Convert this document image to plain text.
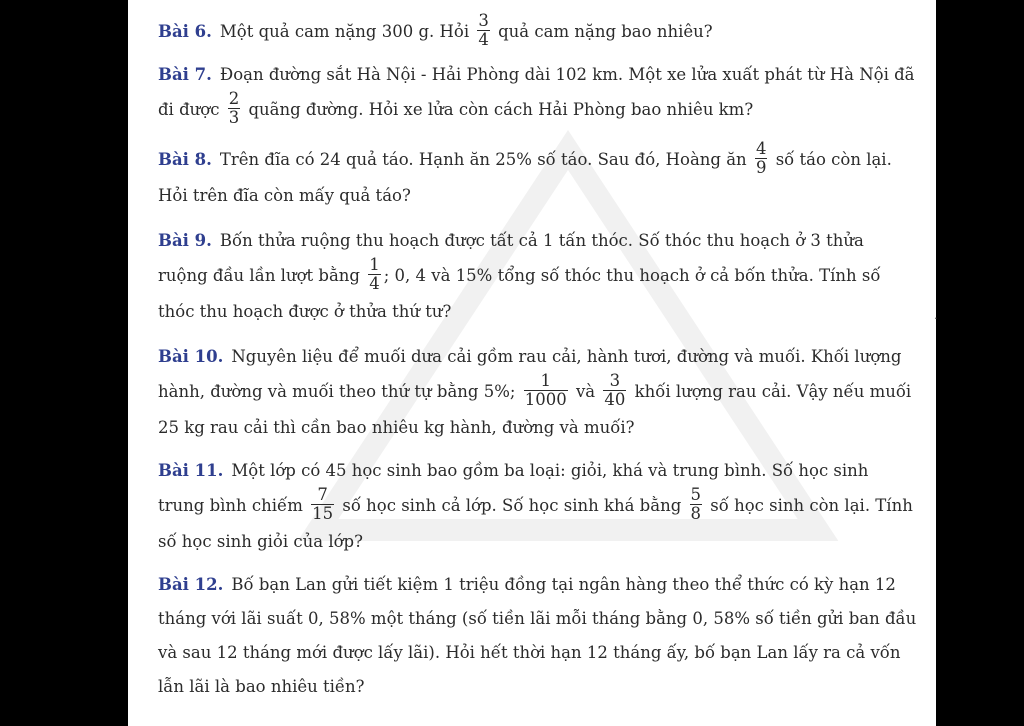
·
Bài 6. Một quả cam nặng 300 g. Hỏi $\frac{3}{4}$ quả cam nặng bao nhiêu?
Bài 7. Đoạn đường sắt Hà Nội - Hải Phòng dài 102 km. Một xe lửa xuất phát từ Hà Nội đã đi được $\frac{2}{3}$ quãng đường. Hỏi xe lửa còn cách Hải Phòng bao nhiêu km?
Bài 8. Trên đĩa có 24 quả táo. Hạnh ăn 25% số táo. Sau đó, Hoàng ăn $\frac{4}{9}$ số táo còn lại. Hỏi trên đĩa còn mấy quả táo?
Bài 9. Bốn thửa ruộng thu hoạch được tất cả 1 tấn thóc. Số thóc thu hoạch ở 3 thửa ruộng đầu lần lượt bằng $\frac{1}{4}$ ; 0, 4 và 15% tổng số thóc thu hoạch ở cả bốn thửa. Tính số thóc thu hoạch được ở thửa thứ tư?
Bài 10. Nguyên liệu để muối dưa cải gồm rau cải, hành tươi, đường và muối. Khối lượng hành, đường và muối theo thứ tự bằng 5%; $\frac{1}{1000}$ và $\frac{3}{40}$ khối lượng rau cải. Vậy nếu muối 25 kg rau cải thì cần bao nhiêu kg hành, đường và muối?
Bài 11. Một lớp có 45 học sinh bao gồm ba loại: giỏi, khá và trung bình. Số học sinh trung bình chiếm $\frac{7}{15}$ số học sinh cả lớp. Số học sinh khá bằng $\frac{5}{8}$ số học sinh còn lại. Tính số học sinh giỏi của lớp?
Bài 12. Bố bạn Lan gửi tiết kiệm 1 triệu đồng tại ngân hàng theo thể thức có kỳ hạn 12 tháng với lãi suất 0, 58% một tháng (số tiền lãi mỗi tháng bằng 0, 58% số tiền gửi ban đầu và sau 12 tháng mới được lấy lãi). Hỏi hết thời hạn 12 tháng ấy, bố bạn Lan lấy ra cả vốn lẫn lãi là bao nhiêu tiền?
